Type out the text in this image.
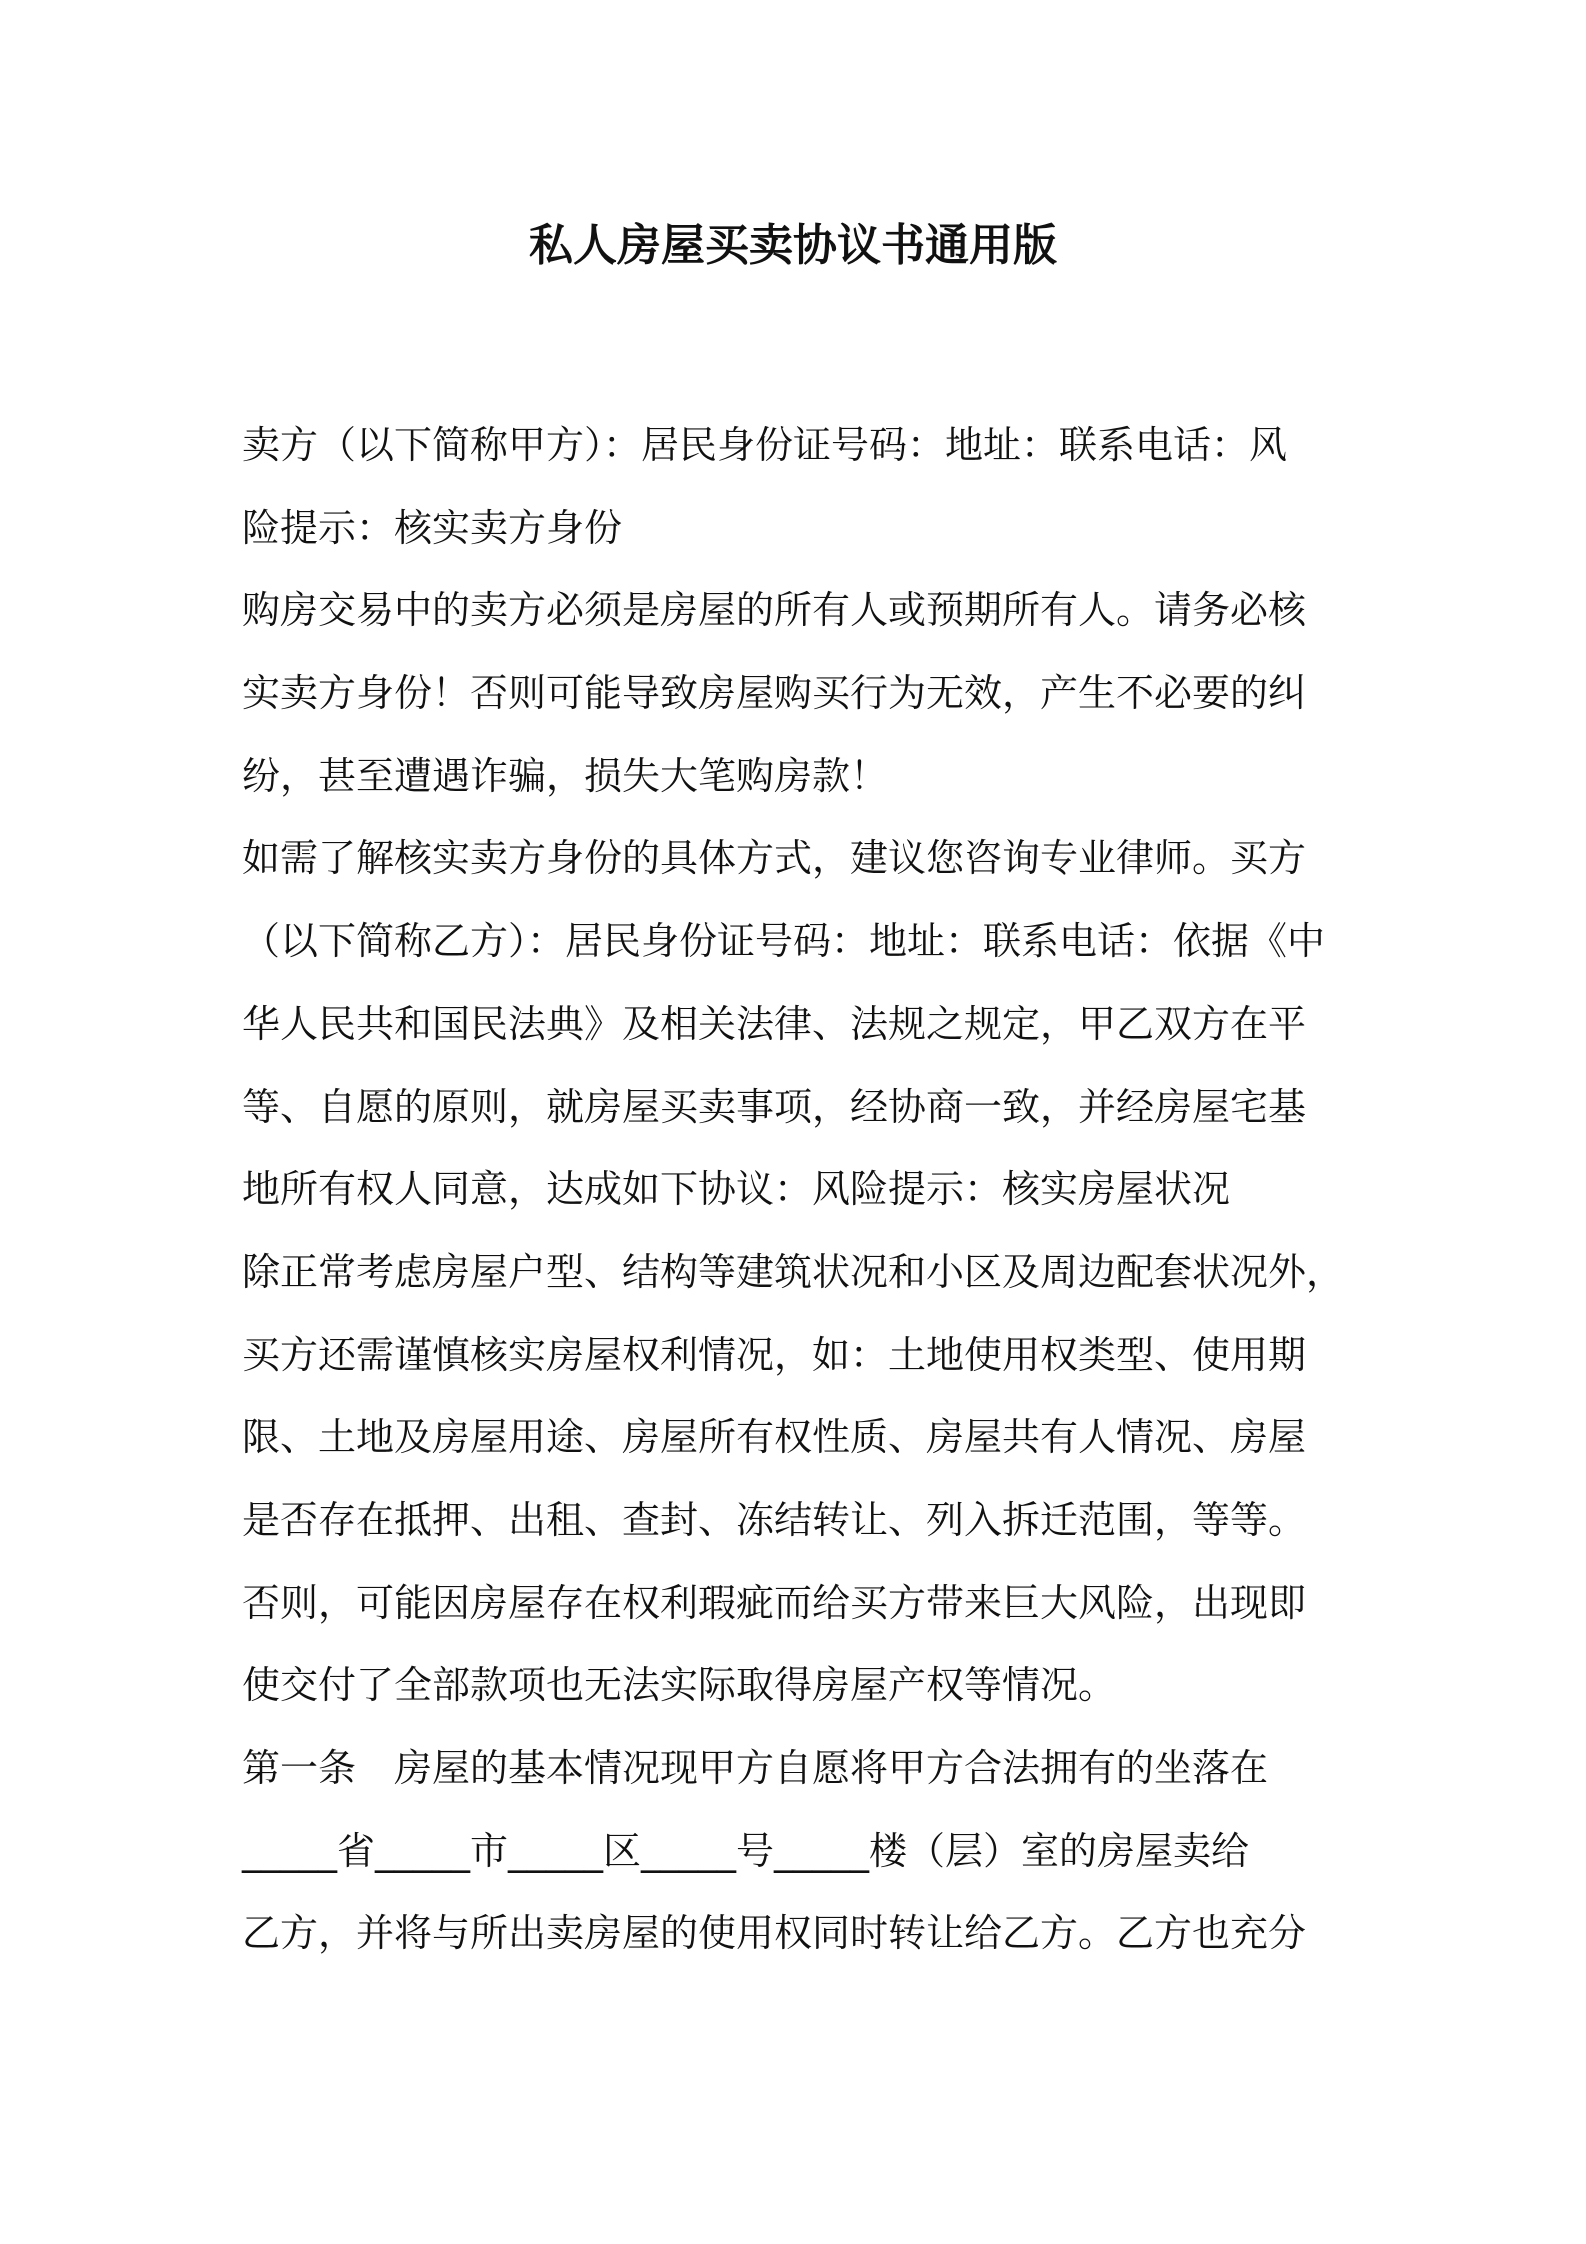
私人房屋买卖协议书通用版

卖方（以下简称甲方）：居民身份证号码：地址：联系电话：风

险提示：核实卖方身份

购房交易中的卖方必须是房屋的所有人或预期所有人。请务必核

实卖方身份！否则可能导致房屋购买行为无效，产生不必要的纠

纷，甚至遭遇诈骗，损失大笔购房款！

如需了解核实卖方身份的具体方式，建议您咨询专业律师。买方

（以下简称乙方）：居民身份证号码：地址：联系电话：依据《中

华人民共和国民法典》及相关法律、法规之规定，甲乙双方在平

等、自愿的原则，就房屋买卖事项，经协商一致，并经房屋宅基

地所有权人同意，达成如下协议：风险提示：核实房屋状况

除正常考虑房屋户型、结构等建筑状况和小区及周边配套状况外，

买方还需谨慎核实房屋权利情况，如：土地使用权类型、使用期

限、土地及房屋用途、房屋所有权性质、房屋共有人情况、房屋

是否存在抵押、出租、查封、冻结转让、列入拆迁范围，等等。

否则，可能因房屋存在权利瑕疵而给买方带来巨大风险，出现即

使交付了全部款项也无法实际取得房屋产权等情况。

第一条　房屋的基本情况现甲方自愿将甲方合法拥有的坐落在

_____省_____市_____区_____号_____楼（层）室的房屋卖给

乙方，并将与所出卖房屋的使用权同时转让给乙方。乙方也充分
